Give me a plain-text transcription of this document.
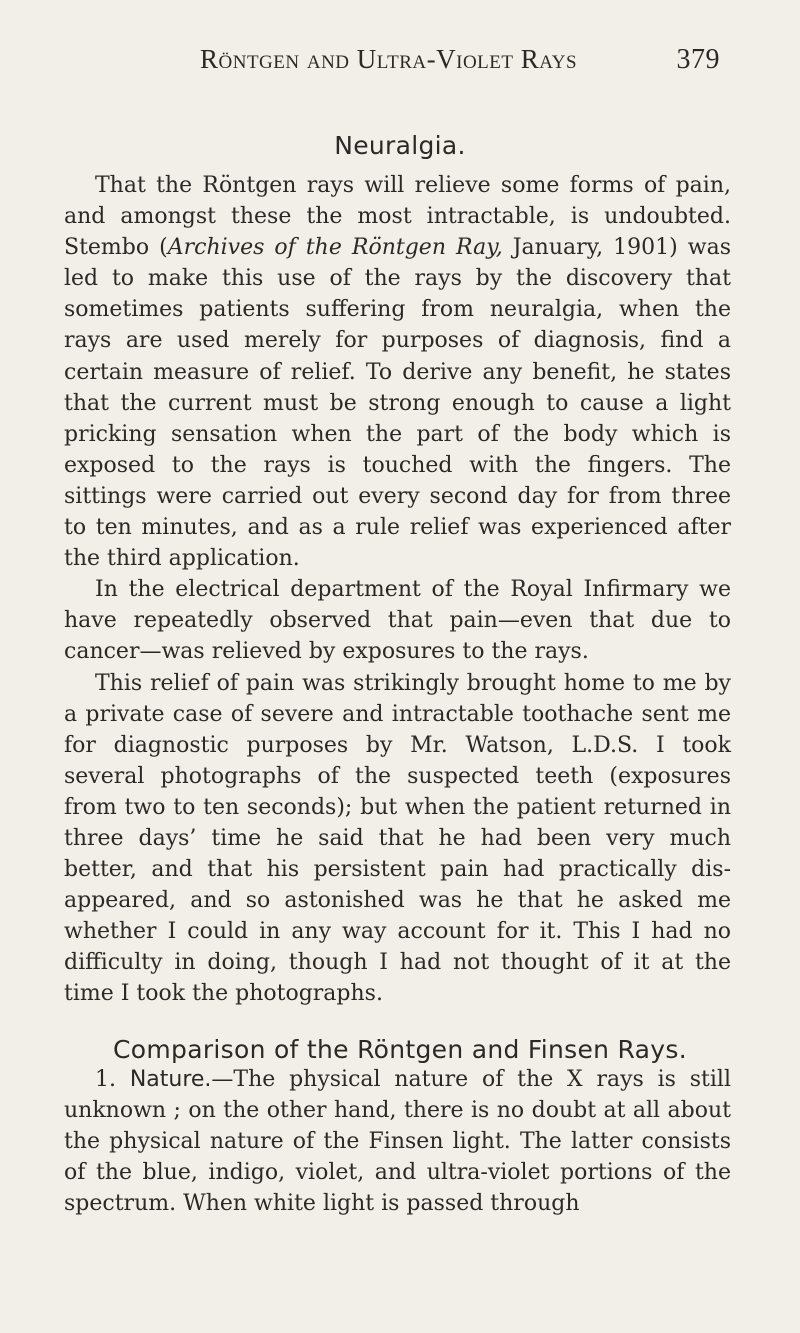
Röntgen and Ultra-Violet Rays	379
Neuralgia.

That the Röntgen rays will relieve some forms of pain, and amongst these the most intractable, is undoubted. Stembo (Archives of the Röntgen Ray, January, 1901) was led to make this use of the rays by the discovery that sometimes patients suffering from neuralgia, when the rays are used merely for purposes of diagnosis, find a certain measure of relief. To derive any benefit, he states that the current must be strong enough to cause a light pricking sensation when the part of the body which is exposed to the rays is touched with the fingers. The sittings were carried out every second day for from three to ten minutes, and as a rule relief was experienced after the third application.

In the electrical department of the Royal Infirmary we have repeatedly observed that pain—even that due to cancer—was relieved by exposures to the rays.

This relief of pain was strikingly brought home to me by a private case of severe and intractable toothache sent me for diagnostic purposes by Mr. Watson, L.D.S. I took several photographs of the suspected teeth (exposures from two to ten seconds); but when the patient returned in three days’ time he said that he had been very much better, and that his persistent pain had practically disappeared, and so astonished was he that he asked me whether I could in any way account for it. This I had no difficulty in doing, though I had not thought of it at the time I took the photographs.

Comparison of the Röntgen and Finsen Rays.

1. Nature.—The physical nature of the X rays is still unknown ; on the other hand, there is no doubt at all about the physical nature of the Finsen light. The latter consists of the blue, indigo, violet, and ultra-violet portions of the spectrum. When white light is passed through
